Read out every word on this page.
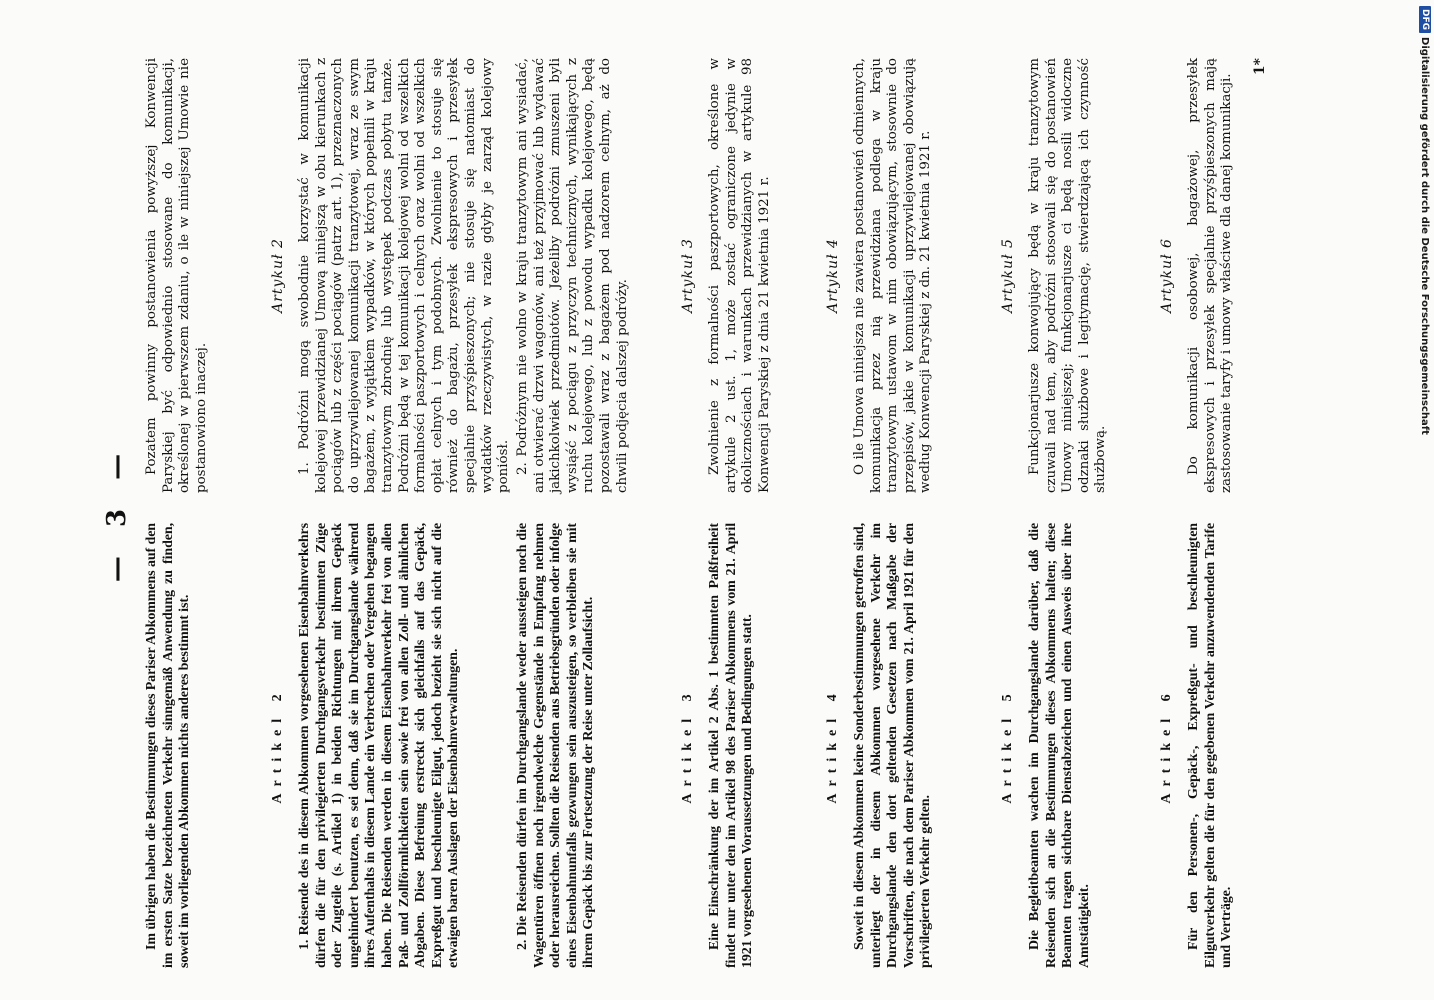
— 3 —

Im übrigen haben die Bestimmungen dieses Pariser Abkommens auf den im ersten Satze bezeichneten Verkehr sinngemäß Anwendung zu finden, soweit im vorliegenden Abkommen nichts anderes bestimmt ist.	Artikel 2 1. Reisende des in diesem Abkommen vorgesehenen Eisenbahnverkehrs dürfen die für den privilegierten Durchgangsverkehr bestimmten Züge oder Zugteile (s. Artikel 1) in beiden Richtungen mit ihrem Gepäck ungehindert benutzen, es sei denn, daß sie im Durchgangslande während ihres Aufenthalts in diesem Lande ein Verbrechen oder Vergehen begangen haben. Die Reisenden werden in diesem Eisenbahnverkehr frei von allen Paß- und Zollförmlichkeiten sein sowie frei von allen Zoll- und ähnlichen Abgaben. Diese Befreiung erstreckt sich gleichfalls auf das Gepäck, Expreßgut und beschleunigte Eilgut, jedoch bezieht sie sich nicht auf die etwaigen baren Auslagen der Eisenbahnverwaltungen.	2. Die Reisenden dürfen im Durchgangslande weder aussteigen noch die Wagentüren öffnen noch irgendwelche Gegenstände in Empfang nehmen oder herausreichen. Sollten die Reisenden aus Betriebsgründen oder infolge eines Eisenbahnunfalls gezwungen sein auszusteigen, so verbleiben sie mit ihrem Gepäck bis zur Fortsetzung der Reise unter Zollaufsicht.	Artikel 3 Eine Einschränkung der im Artikel 2 Abs. 1 bestimmten Paßfreiheit findet nur unter den im Artikel 98 des Pariser Abkommens vom 21. April 1921 vorgesehenen Voraussetzungen und Bedingungen statt.	Artikel 4 Soweit in diesem Abkommen keine Sonderbestimmungen getroffen sind, unterliegt der in diesem Abkommen vorgesehene Verkehr im Durchgangslande den dort geltenden Gesetzen nach Maßgabe der Vorschriften, die nach dem Pariser Abkommen vom 21. April 1921 für den privilegierten Verkehr gelten.

Artikel 5 Die Begleitbeamten wachen im Durchgangslande darüber, daß die Reisenden sich an die Bestimmungen dieses Abkommens halten; diese Beamten tragen sichtbare Dienstabzeichen und einen Ausweis über ihre Amtstätigkeit.

Artikel 6 Für den Personen-, Gepäck-, Expreßgut- und beschleunigten Eilgutverkehr gelten die für den gegebenen Verkehr anzuwendenden Tarife und Verträge.

Pozatem powinny postanowienia powyższej Konwencji Paryskiej być odpowiednio stosowane do komunikacji, określonej w pierwszem zdaniu, o ile w niniejszej Umowie nie postanowiono inaczej.

Artykuł 2 1. Podróżni mogą swobodnie korzystać w komunikacji kolejowej przewidzianej Umową niniejszą w obu kierunkach z pociągów lub z części pociągów (patrz art. 1), przeznaczonych do uprzywilejowanej komunikacji tranzytowej, wraz ze swym bagażem, z wyjątkiem wypadków, w których popełnili w kraju tranzytowym zbrodnię lub występek podczas pobytu tamże. Podróżni będą w tej komunikacji kolejowej wolni od wszelkich formalności paszportowych i celnych oraz wolni od wszelkich opłat celnych i tym podobnych. Zwolnienie to stosuje się również do bagażu, przesyłek ekspresowych i przesyłek specjalnie przyśpieszonych; nie stosuje się natomiast do wydatków rzeczywistych, w razie gdyby je zarząd kolejowy poniósł. 2. Podróżnym nie wolno w kraju tranzytowym ani wysiadać, ani otwierać drzwi wagonów, ani też przyjmować lub wydawać jakichkolwiek przedmiotów. Jeżeliby podróżni zmuszeni byli wysiąść z pociągu z przyczyn technicznych, wynikających z ruchu kolejowego, lub z powodu wypadku kolejowego, będą pozostawali wraz z bagażem pod nadzorem celnym, aż do chwili podjęcia dalszej podróży.

Artykuł 3 Zwolnienie z formalności paszportowych, określone w artykule 2 ust. 1, może zostać ograniczone jedynie w okolicznościach i warunkach przewidzianych w artykule 98 Konwencji Paryskiej z dnia 21 kwietnia 1921 r.	Artykuł 4 O ile Umowa niniejsza nie zawiera postanowień odmiennych, komunikacja przez nią przewidziana podlega w kraju tranzytowym ustawom w nim obowiązującym, stosownie do przepisów, jakie w komunikacji uprzywilejowanej obowiązują według Konwencji Paryskiej z dn. 21 kwietnia 1921 r.	Artykuł 5 Funkcjonarjusze konwojujący będą w kraju tranzytowym czuwali nad tem, aby podróżni stosowali się do postanowień Umowy niniejszej; funkcjonarjusze ci będą nosili widoczne odznaki służbowe i legitymację, stwierdzającą ich czynność służbową.

Artykuł 6 Do komunikacji osobowej, bagażowej, przesyłek ekspresowych i przesyłek specjalnie przyśpieszonych mają zastosowanie taryfy i umowy właściwe dla danej komunikacji.

1*
DFG
Digitalisierung gefördert durch die Deutsche Forschungsgemeinschaft
